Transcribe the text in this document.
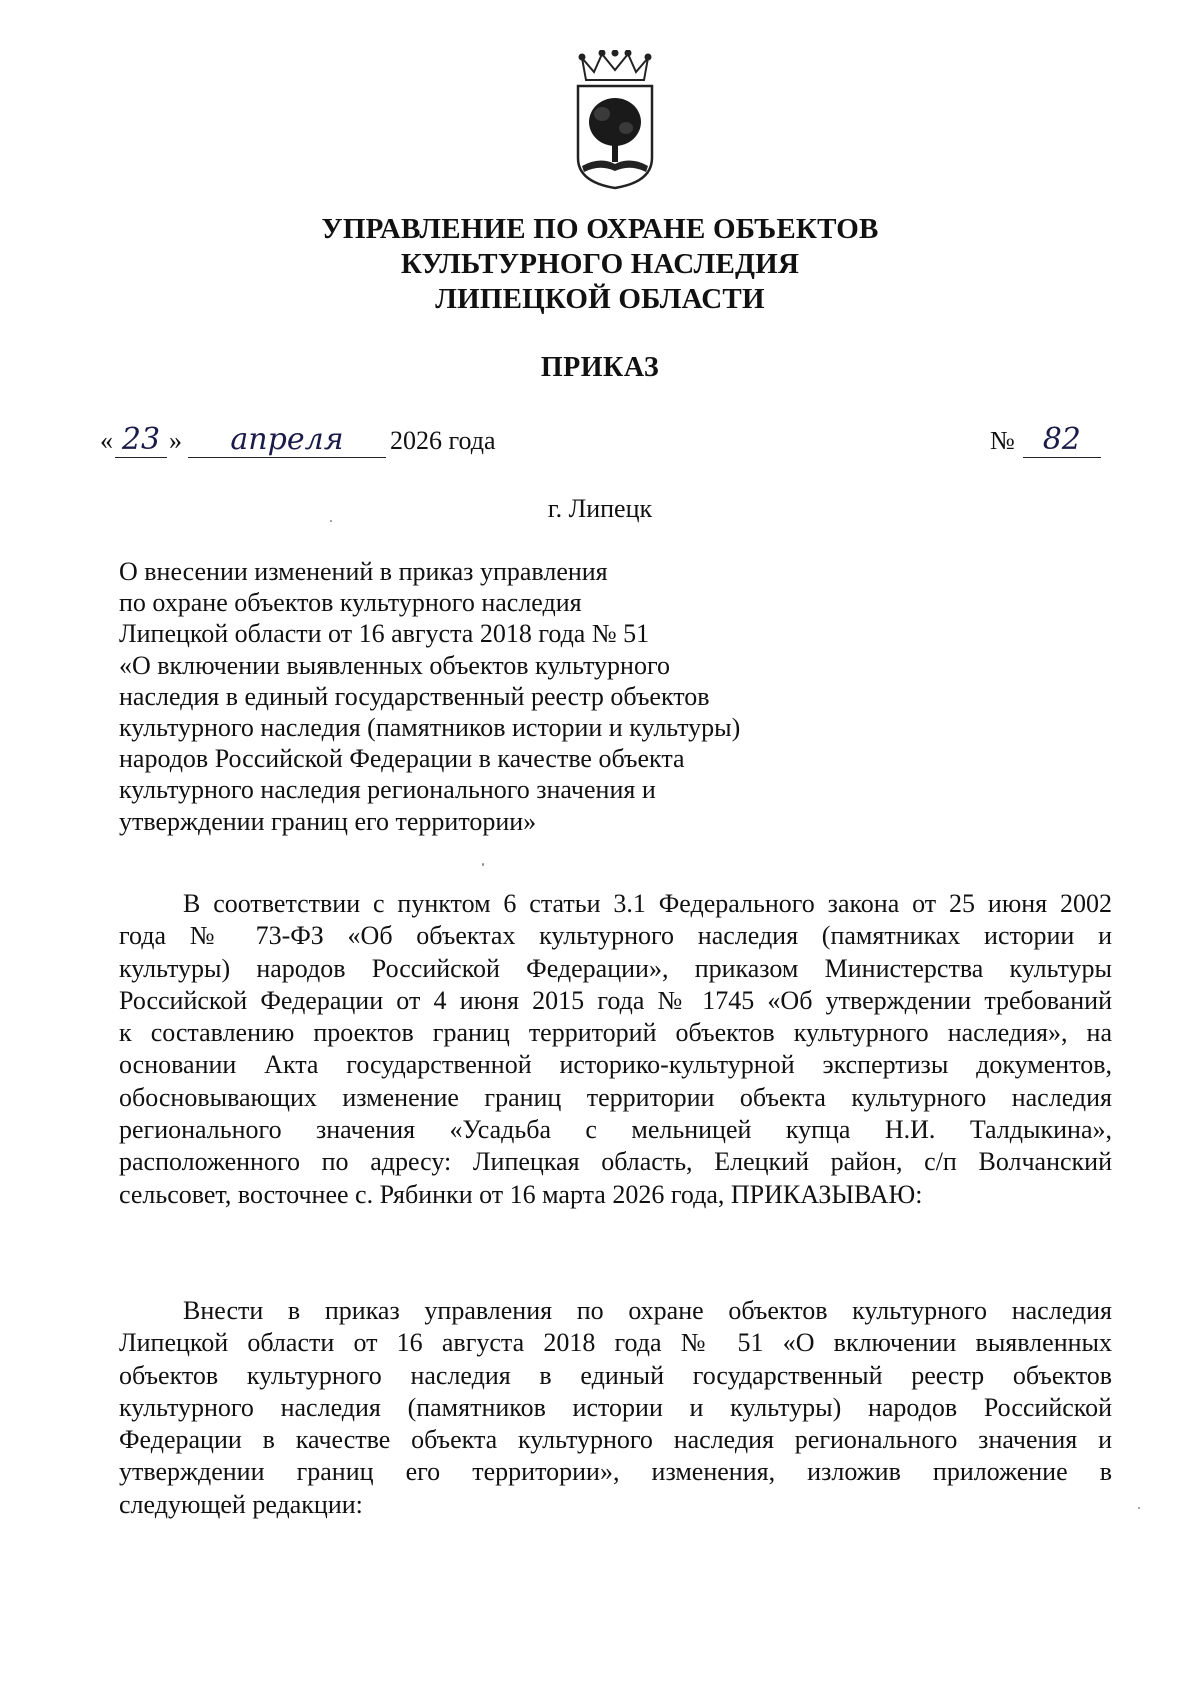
УПРАВЛЕНИЕ ПО ОХРАНЕ ОБЪЕКТОВ
КУЛЬТУРНОГО НАСЛЕДИЯ
ЛИПЕЦКОЙ ОБЛАСТИ
ПРИКАЗ
« 23 » апреля 2026 года	№ 82
г. Липецк
О внесении изменений в приказ управления
по охране объектов культурного наследия
Липецкой области от 16 августа 2018 года № 51
«О включении выявленных объектов культурного
наследия в единый государственный реестр объектов
культурного наследия (памятников истории и культуры)
народов Российской Федерации в качестве объекта
культурного наследия регионального значения и
утверждении границ его территории»
В соответствии с пунктом 6 статьи 3.1 Федерального закона от 25 июня 2002
года № 73-ФЗ «Об объектах культурного наследия (памятниках истории и
культуры) народов Российской Федерации», приказом Министерства культуры
Российской Федерации от 4 июня 2015 года № 1745 «Об утверждении требований
к составлению проектов границ территорий объектов культурного наследия», на
основании Акта государственной историко-культурной экспертизы документов,
обосновывающих изменение границ территории объекта культурного наследия
регионального значения «Усадьба с мельницей купца Н.И. Талдыкина»,
расположенного по адресу: Липецкая область, Елецкий район, с/п Волчанский
сельсовет, восточнее с. Рябинки от 16 марта 2026 года, ПРИКАЗЫВАЮ:
Внести в приказ управления по охране объектов культурного наследия
Липецкой области от 16 августа 2018 года № 51 «О включении выявленных
объектов культурного наследия в единый государственный реестр объектов
культурного наследия (памятников истории и культуры) народов Российской
Федерации в качестве объекта культурного наследия регионального значения и
утверждении границ его территории», изменения, изложив приложение в
следующей редакции:
